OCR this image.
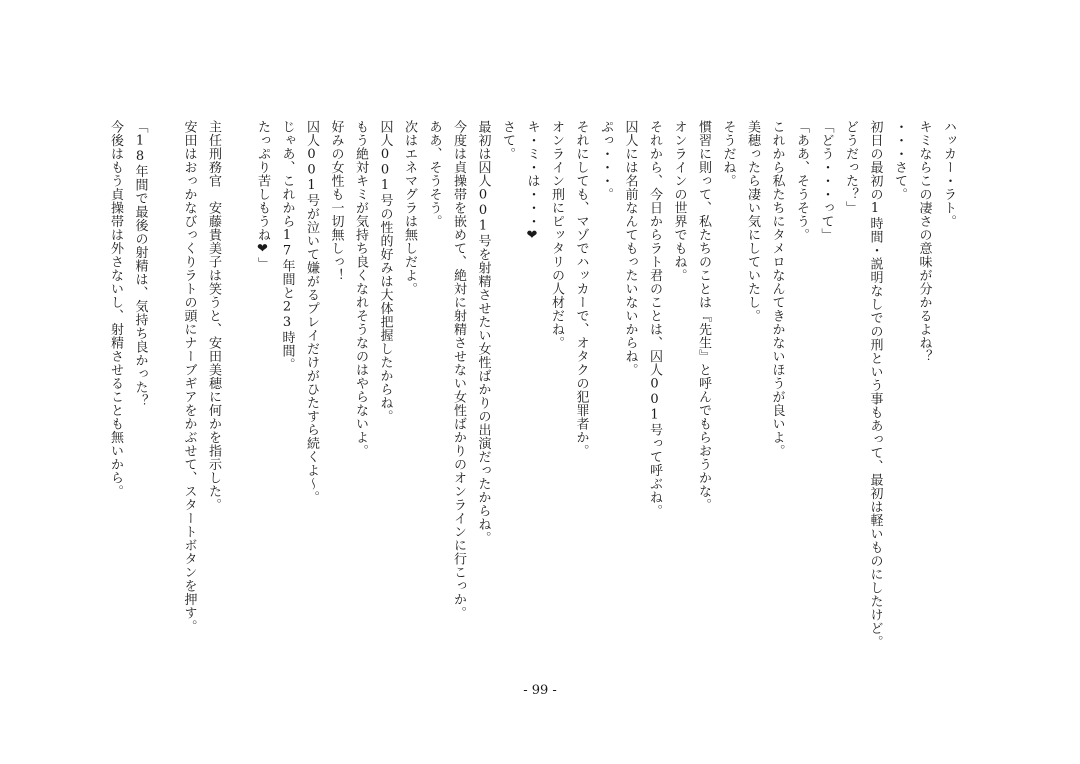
ハッカー・ラト。
キミならこの凄さの意味が分かるよね？
・・・さて。
初日の最初の1時間・説明なしでの刑という事もあって、最初は軽いものにしたけど。
どうだった？」
「どう・・・って」
「ああ、そうそう。
これから私たちにタメロなんてきかないほうが良いよ。
美穂ったら凄い気にしていたし。
そうだね。
慣習に則って、私たちのことは『先生』と呼んでもらおうかな。
オンラインの世界でもね。
それから、今日からラト君のことは、囚人001号って呼ぶね。
囚人には名前なんてもったいないからね。
ぷっ・・・。
それにしても、マゾでハッカーで、オタクの犯罪者か。
オンライン刑にピッタリの人材だね。
キ・ミ・は・・・❤
さて。
最初は囚人001号を射精させたい女性ばかりの出演だったからね。
今度は貞操帯を嵌めて、絶対に射精させない女性ばかりのオンラインに行こっか。
ああ、そうそう。
次はエネマグラは無しだよ。
囚人001号の性的好みは大体把握したからね。
もう絶対キミが気持ち良くなれそうなのはやらないよ。
好みの女性も一切無しっ！
囚人001号が泣いて嫌がるプレイだけがひたすら続くよ～。
じゃあ、これから17年間と23時間。
たっぷり苦しもうね❤」
主任刑務官　安藤貴美子は笑うと、安田美穂に何かを指示した。
安田はおっかなびっくりラトの頭にナーブギアをかぶせて、スタートボタンを押す。
「18年間で最後の射精は、気持ち良かった？
今後はもう貞操帯は外さないし、射精させることも無いから。
- 99 -
